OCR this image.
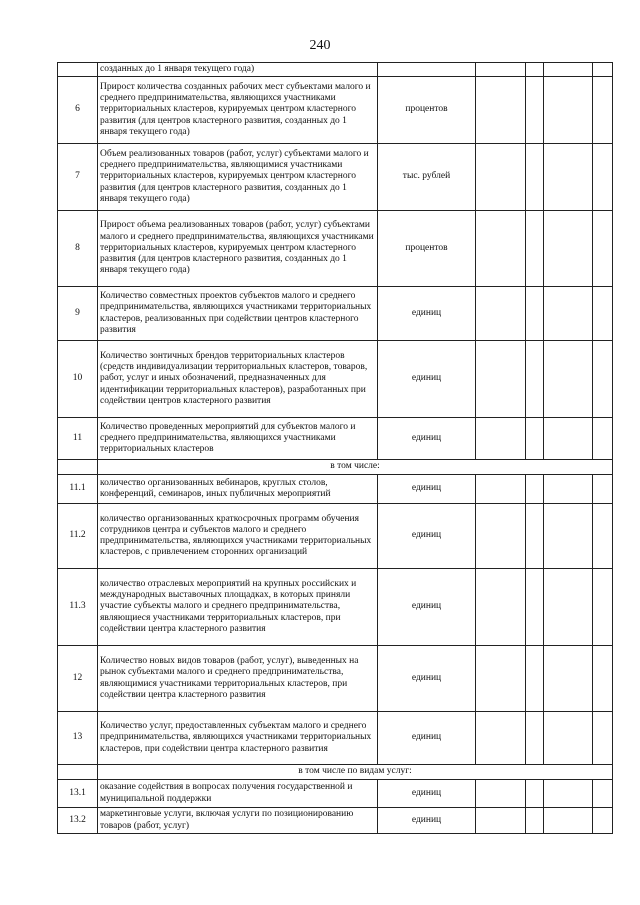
240
	созданных до 1 января текущего года)					
6	Прирост количества созданных рабочих мест субъектами малого и среднего предпринимательства, являющихся участниками территориальных кластеров, курируемых центром кластерного развития (для центров кластерного развития, созданных до 1 января текущего года)	процентов				
7	Объем реализованных товаров (работ, услуг) субъектами малого и среднего предпринимательства, являющимися участниками территориальных кластеров, курируемых центром кластерного развития (для центров кластерного развития, созданных до 1 января текущего года)	тыс. рублей				
8	Прирост объема реализованных товаров (работ, услуг) субъектами малого и среднего предпринимательства, являющихся участниками территориальных кластеров, курируемых центром кластерного развития (для центров кластерного развития, созданных до 1 января текущего года)	процентов				
9	Количество совместных проектов субъектов малого и среднего предпринимательства, являющихся участниками территориальных кластеров, реализованных при содействии центров кластерного развития	единиц				
10	Количество зонтичных брендов территориальных кластеров (средств индивидуализации территориальных кластеров, товаров, работ, услуг и иных обозначений, предназначенных для идентификации территориальных кластеров), разработанных при содействии центров кластерного развития	единиц				
11	Количество проведенных мероприятий для субъектов малого и среднего предпринимательства, являющихся участниками территориальных кластеров	единиц				
	в том числе:					
11.1	количество организованных вебинаров, круглых столов, конференций, семинаров, иных публичных мероприятий	единиц				
11.2	количество организованных краткосрочных программ обучения сотрудников центра и субъектов малого и среднего предпринимательства, являющихся участниками территориальных кластеров, с привлечением сторонних организаций	единиц				
11.3	количество отраслевых мероприятий на крупных российских и международных выставочных площадках, в которых приняли участие субъекты малого и среднего предпринимательства, являющиеся участниками территориальных кластеров, при содействии центра кластерного развития	единиц				
12	Количество новых видов товаров (работ, услуг), выведенных на рынок субъектами малого и среднего предпринимательства, являющимися участниками территориальных кластеров, при содействии центра кластерного развития	единиц				
13	Количество услуг, предоставленных субъектам малого и среднего предпринимательства, являющихся участниками территориальных кластеров, при содействии центра кластерного развития	единиц				
	в том числе по видам услуг:					
13.1	оказание содействия в вопросах получения государственной и муниципальной поддержки	единиц				
13.2	маркетинговые услуги, включая услуги по позиционированию товаров (работ, услуг)	единиц				
